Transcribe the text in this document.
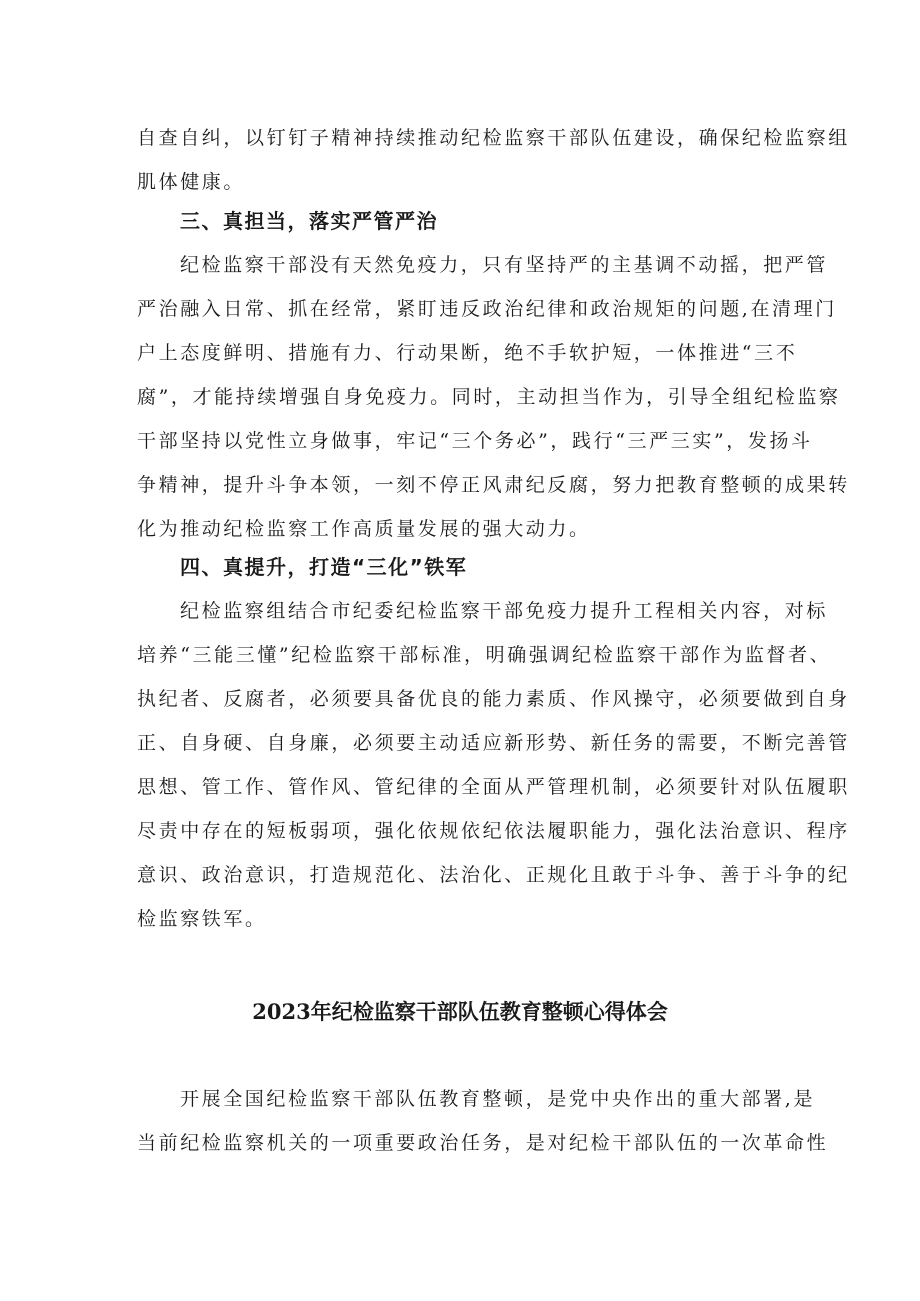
自查自纠，以钉钉子精神持续推动纪检监察干部队伍建设，确保纪检监察组
肌体健康。
三、真担当，落实严管严治
纪检监察干部没有天然免疫力，只有坚持严的主基调不动摇，把严管
严治融入日常、抓在经常，紧盯违反政治纪律和政治规矩的问题,在清理门
户上态度鲜明、措施有力、行动果断，绝不手软护短，一体推进“三不
腐”，才能持续增强自身免疫力。同时，主动担当作为，引导全组纪检监察
干部坚持以党性立身做事，牢记“三个务必”，践行“三严三实”，发扬斗
争精神，提升斗争本领，一刻不停正风肃纪反腐，努力把教育整顿的成果转
化为推动纪检监察工作高质量发展的强大动力。
四、真提升，打造“三化”铁军
纪检监察组结合市纪委纪检监察干部免疫力提升工程相关内容，对标
培养“三能三懂”纪检监察干部标准，明确强调纪检监察干部作为监督者、
执纪者、反腐者，必须要具备优良的能力素质、作风操守，必须要做到自身
正、自身硬、自身廉，必须要主动适应新形势、新任务的需要，不断完善管
思想、管工作、管作风、管纪律的全面从严管理机制，必须要针对队伍履职
尽责中存在的短板弱项，强化依规依纪依法履职能力，强化法治意识、程序
意识、政治意识，打造规范化、法治化、正规化且敢于斗争、善于斗争的纪
检监察铁军。
2023年纪检监察干部队伍教育整顿心得体会
开展全国纪检监察干部队伍教育整顿，是党中央作出的重大部署,是
当前纪检监察机关的一项重要政治任务，是对纪检干部队伍的一次革命性
